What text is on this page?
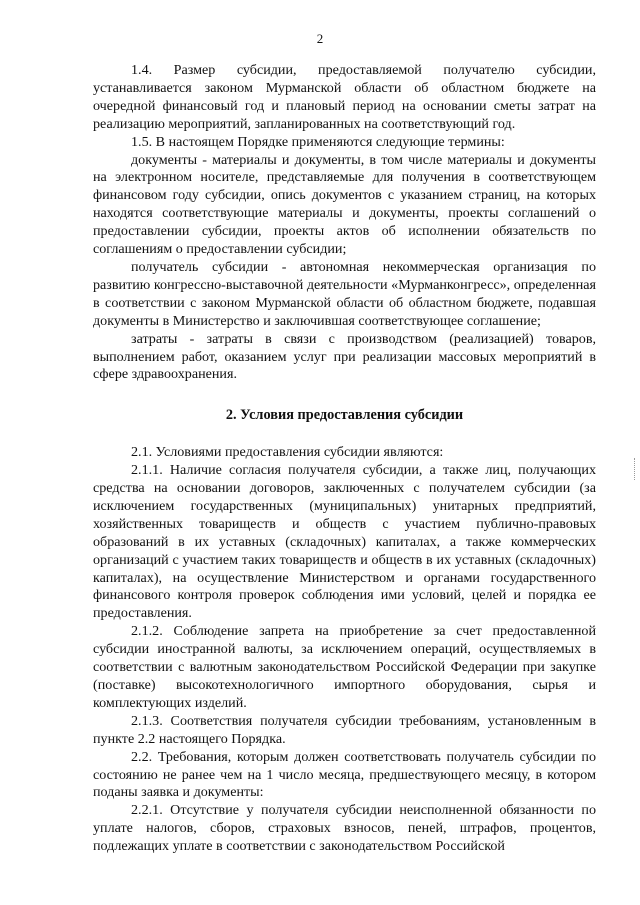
2

1.4. Размер субсидии, предоставляемой получателю субсидии, устанавливается законом Мурманской области об областном бюджете на очередной финансовый год и плановый период на основании сметы затрат на реализацию мероприятий, запланированных на соответствующий год.

1.5. В настоящем Порядке применяются следующие термины:

документы - материалы и документы, в том числе материалы и документы на электронном носителе, представляемые для получения в соответствующем финансовом году субсидии, опись документов с указанием страниц, на которых находятся соответствующие материалы и документы, проекты соглашений о предоставлении субсидии, проекты актов об исполнении обязательств по соглашениям о предоставлении субсидии;

получатель субсидии - автономная некоммерческая организация по развитию конгрессно-выставочной деятельности «Мурманконгресс», определенная в соответствии с законом Мурманской области об областном бюджете, подавшая документы в Министерство и заключившая соответствующее соглашение;

затраты - затраты в связи с производством (реализацией) товаров, выполнением работ, оказанием услуг при реализации массовых мероприятий в сфере здравоохранения.

2. Условия предоставления субсидии

2.1. Условиями предоставления субсидии являются:

2.1.1. Наличие согласия получателя субсидии, а также лиц, получающих средства на основании договоров, заключенных с получателем субсидии (за исключением государственных (муниципальных) унитарных предприятий, хозяйственных товариществ и обществ с участием публично-правовых образований в их уставных (складочных) капиталах, а также коммерческих организаций с участием таких товариществ и обществ в их уставных (складочных) капиталах), на осуществление Министерством и органами государственного финансового контроля проверок соблюдения ими условий, целей и порядка ее предоставления.

2.1.2. Соблюдение запрета на приобретение за счет предоставленной субсидии иностранной валюты, за исключением операций, осуществляемых в соответствии с валютным законодательством Российской Федерации при закупке (поставке) высокотехнологичного импортного оборудования, сырья и комплектующих изделий.

2.1.3. Соответствия получателя субсидии требованиям, установленным в пункте 2.2 настоящего Порядка.

2.2. Требования, которым должен соответствовать получатель субсидии по состоянию не ранее чем на 1 число месяца, предшествующего месяцу, в котором поданы заявка и документы:

2.2.1. Отсутствие у получателя субсидии неисполненной обязанности по уплате налогов, сборов, страховых взносов, пеней, штрафов, процентов, подлежащих уплате в соответствии с законодательством Российской
